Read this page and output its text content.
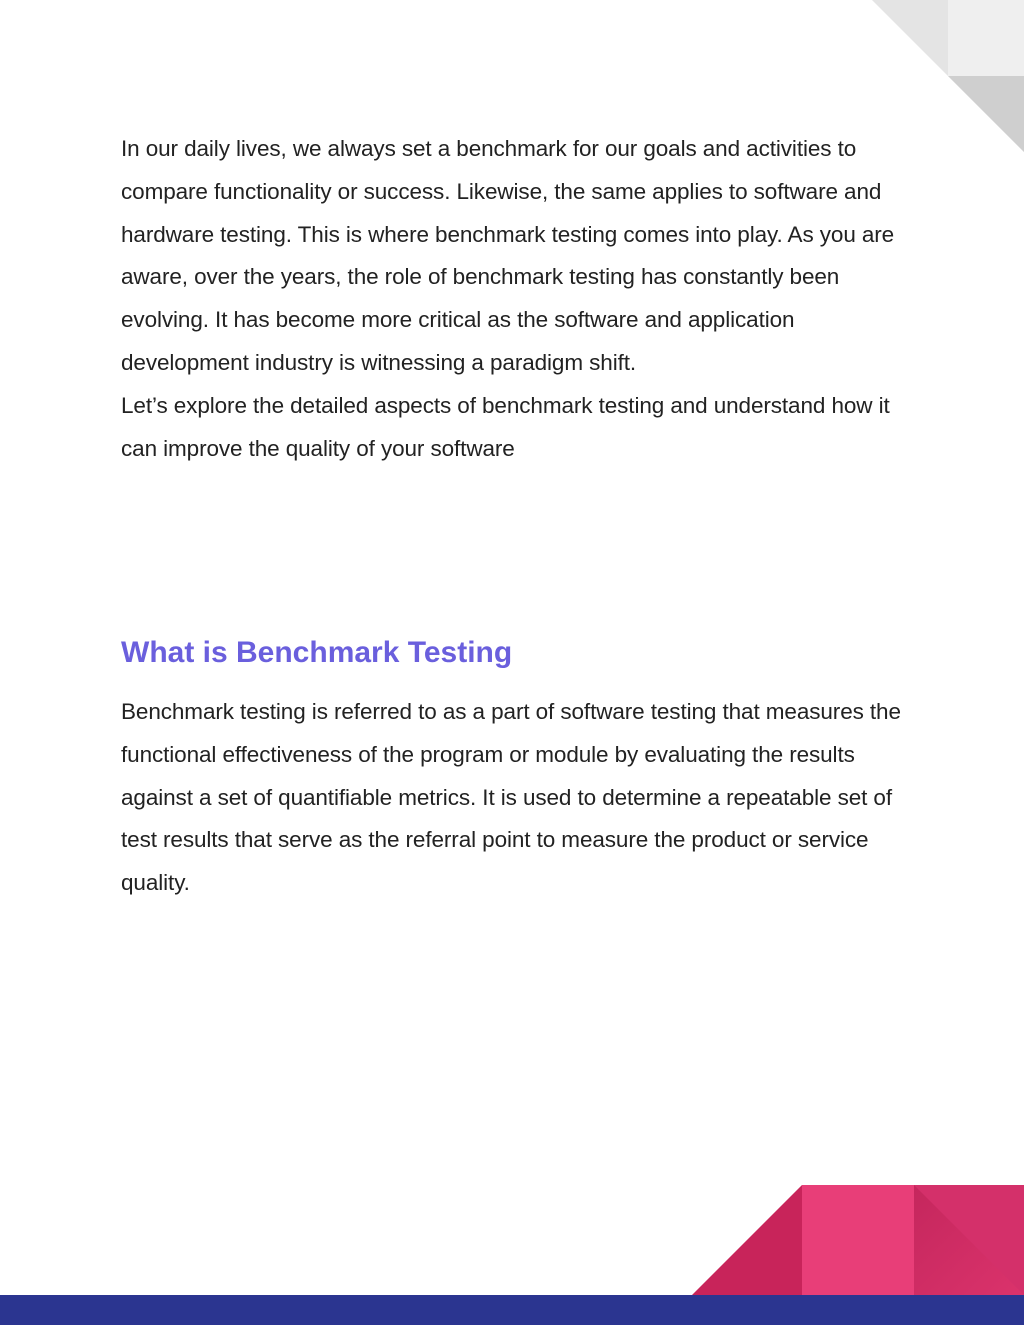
In our daily lives, we always set a benchmark for our goals and activities to compare functionality or success. Likewise, the same applies to software and hardware testing. This is where benchmark testing comes into play. As you are aware, over the years, the role of benchmark testing has constantly been evolving. It has become more critical as the software and application development industry is witnessing a paradigm shift.

Let’s explore the detailed aspects of benchmark testing and understand how it can improve the quality of your software

What is Benchmark Testing

Benchmark testing is referred to as a part of software testing that measures the functional effectiveness of the program or module by evaluating the results against a set of quantifiable metrics. It is used to determine a repeatable set of test results that serve as the referral point to measure the product or service quality.
